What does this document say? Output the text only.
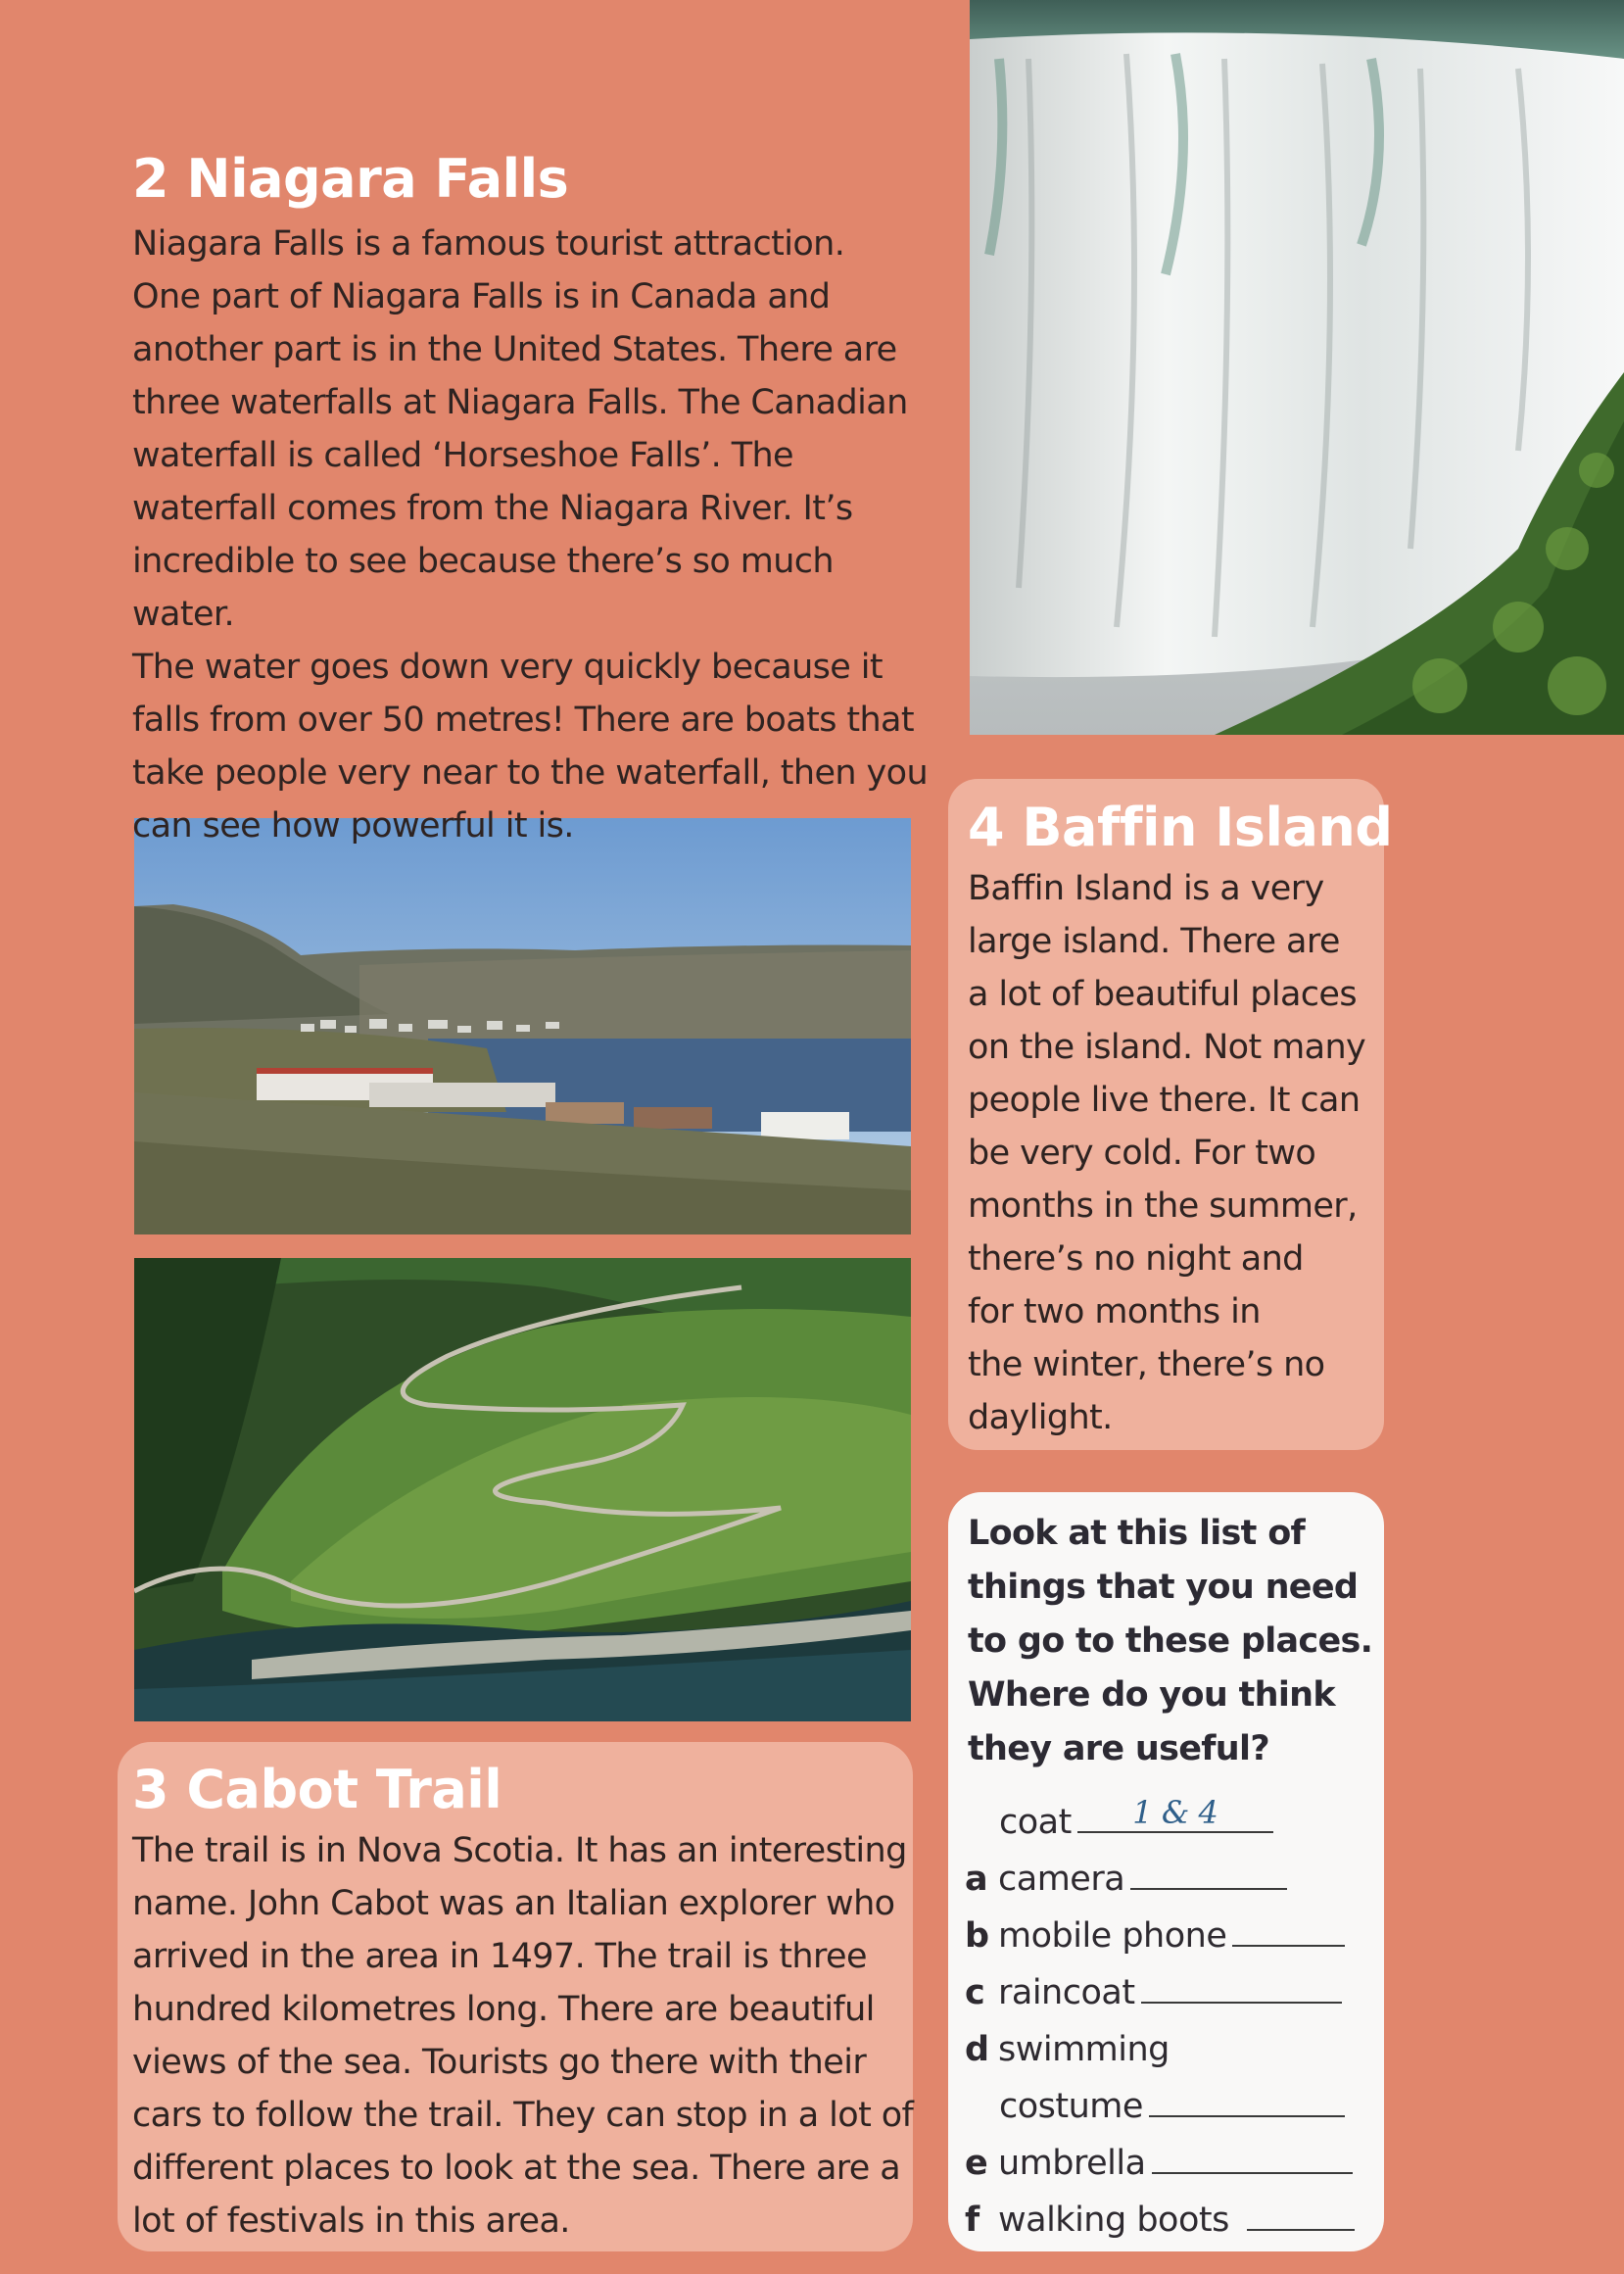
2 Niagara Falls
Niagara Falls is a famous tourist attraction.
One part of Niagara Falls is in Canada and
another part is in the United States. There are
three waterfalls at Niagara Falls. The Canadian
waterfall is called ‘Horseshoe Falls’. The
waterfall comes from the Niagara River. It’s
incredible to see because there’s so much water.
The water goes down very quickly because it
falls from over 50 metres! There are boats that
take people very near to the waterfall, then you
can see how powerful it is.	4 Baffin Island
Baffin Island is a very
large island. There are
a lot of beautiful places
on the island. Not many
people live there. It can
be very cold. For two
months in the summer,
there’s no night and
for two months in
the winter, there’s no
daylight.
3 Cabot Trail
The trail is in Nova Scotia. It has an interesting
name. John Cabot was an Italian explorer who
arrived in the area in 1497. The trail is three
hundred kilometres long. There are beautiful
views of the sea. Tourists go there with their
cars to follow the trail. They can stop in a lot of
different places to look at the sea. There are a
lot of festivals in this area.
Look at this list of
things that you need
to go to these places.
Where do you think
they are useful?
coat	1 & 4
a camera
b mobile phone
c raincoat
d swimming
costume
e umbrella
f walking boots
